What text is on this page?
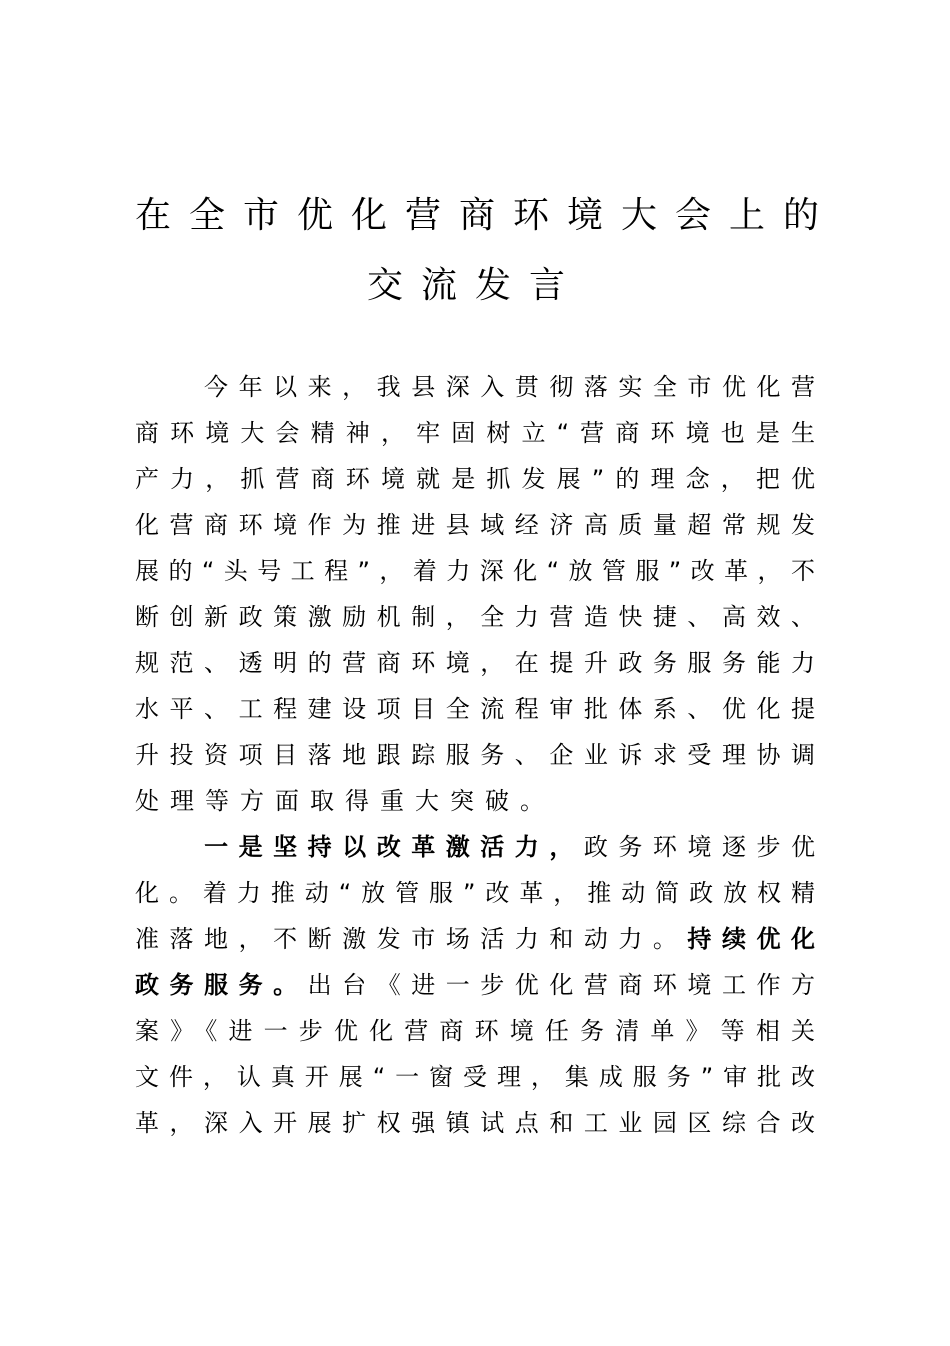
在全市优化营商环境大会上的
交流发言
　　今年以来，我县深入贯彻落实全市优化营
商环境大会精神，牢固树立“营商环境也是生
产力，抓营商环境就是抓发展”的理念，把优
化营商环境作为推进县域经济高质量超常规发
展的“头号工程”，着力深化“放管服”改革，不
断创新政策激励机制，全力营造快捷、高效、
规范、透明的营商环境，在提升政务服务能力
水平、工程建设项目全流程审批体系、优化提
升投资项目落地跟踪服务、企业诉求受理协调
处理等方面取得重大突破。
　　一是坚持以改革激活力，政务环境逐步优
化。着力推动“放管服”改革，推动简政放权精
准落地，不断激发市场活力和动力。持续优化
政务服务。出台《进一步优化营商环境工作方
案》《进一步优化营商环境任务清单》等相关
文件，认真开展“一窗受理，集成服务”审批改
革，深入开展扩权强镇试点和工业园区综合改
